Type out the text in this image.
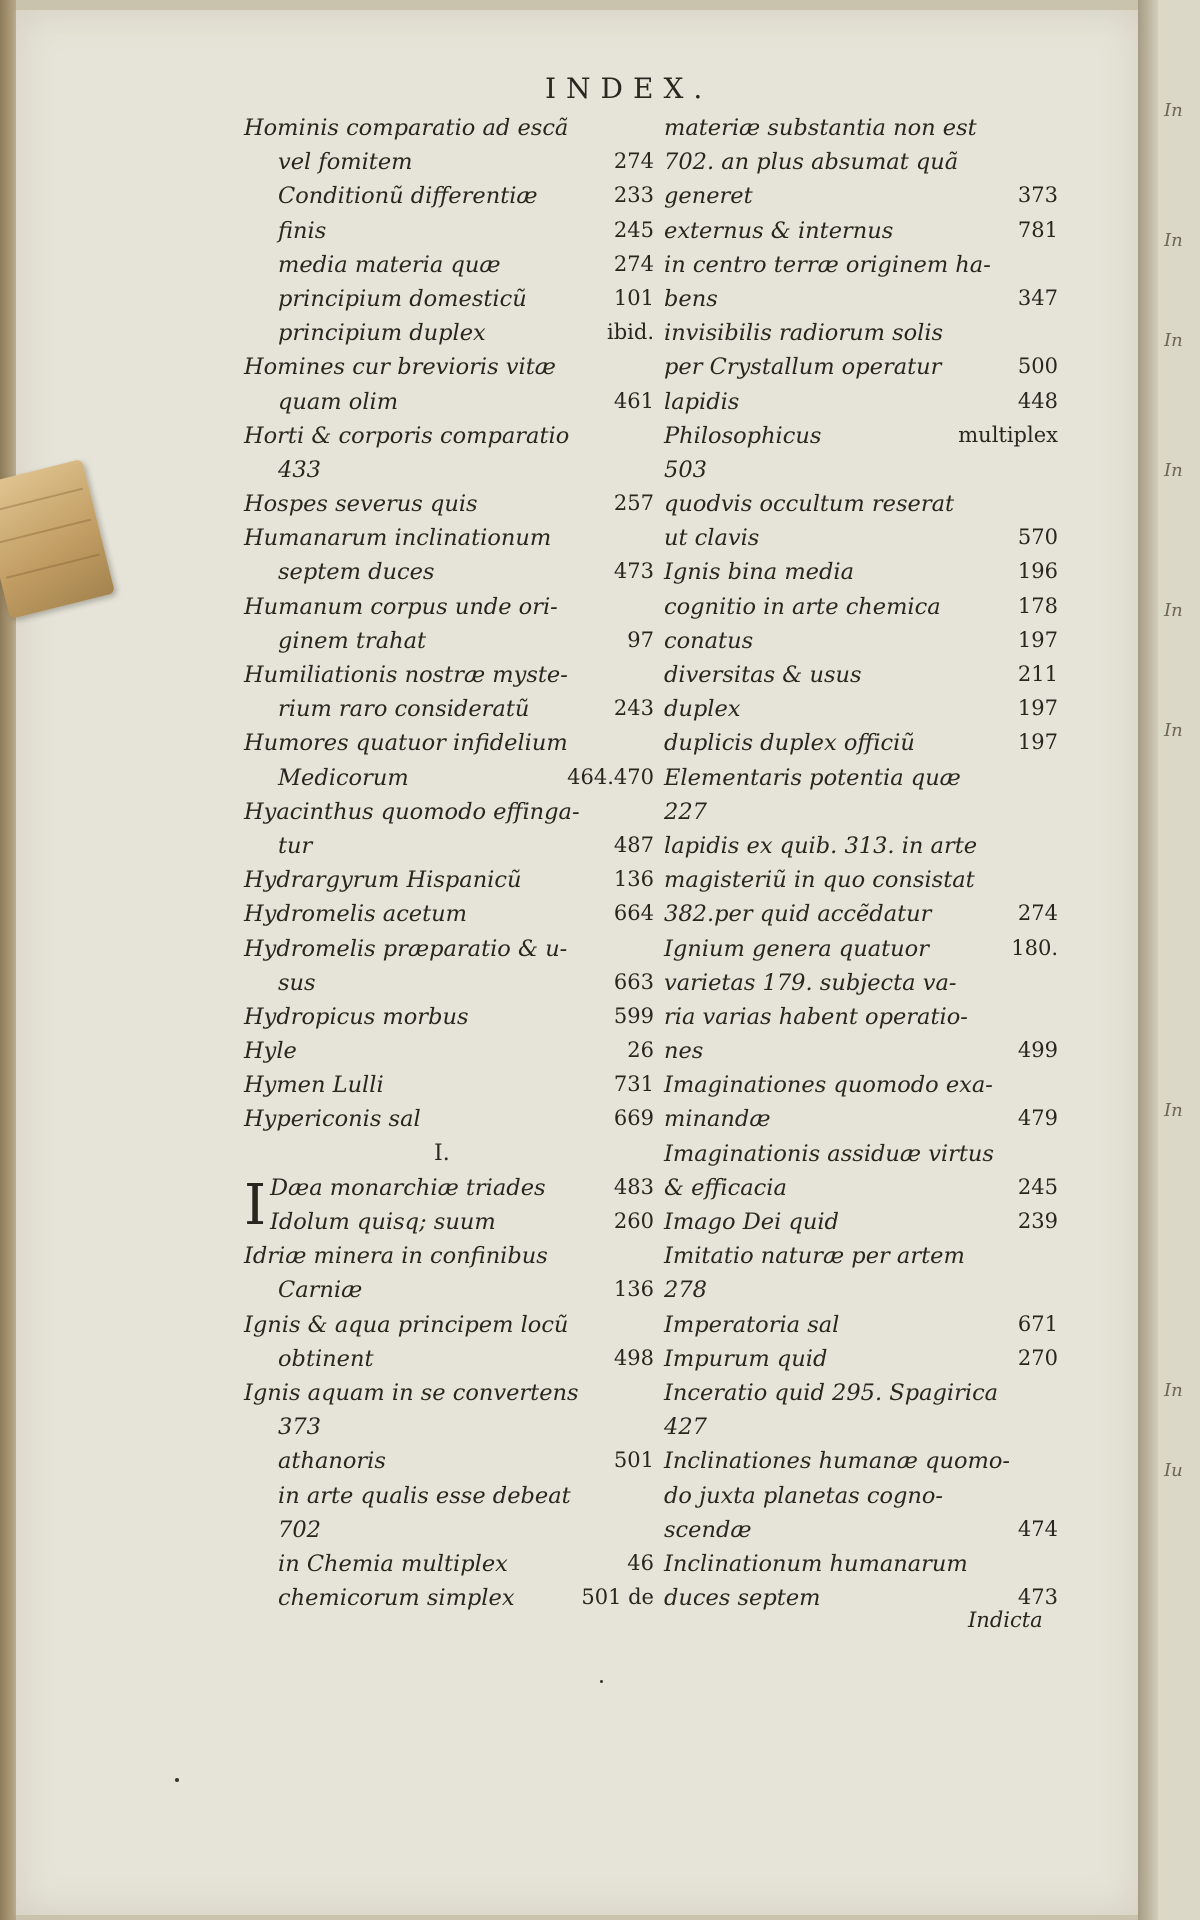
In
In
In
In
In
In
In
In
Iu
INDEX.
Hominis comparatio ad escã
vel fomitem	274
Conditionũ differentiæ	233
finis	245
media materia quæ	274
principium domesticũ	101
principium duplex	ibid.
Homines cur brevioris vitæ
quam olim	461
Horti & corporis comparatio
433
Hospes severus quis	257
Humanarum inclinationum
septem duces	473
Humanum corpus unde ori-
ginem trahat	97
Humiliationis nostræ myste-
rium raro consideratũ	243
Humores quatuor infidelium
Medicorum	464.470
Hyacinthus quomodo effinga-
tur	487
Hydrargyrum Hispanicũ	136
Hydromelis acetum	664
Hydromelis præparatio & u-
sus	663
Hydropicus morbus	599
Hyle	26
Hymen Lulli	731
Hypericonis sal	669
I.
I Dæa monarchiæ triades	483
Idolum quisq; suum	260
Idriæ minera in confinibus
Carniæ	136
Ignis & aqua principem locũ
obtinent	498
Ignis aquam in se convertens
373
athanoris	501
in arte qualis esse debeat
702
in Chemia multiplex	46
chemicorum simplex	501 de
materiæ substantia non est
702. an plus absumat quã
generet	373
externus & internus	781
in centro terræ originem ha-
bens	347
invisibilis radiorum solis
per Crystallum operatur	500
lapidis	448
Philosophicus	multiplex
503
quodvis occultum reserat
ut clavis	570
Ignis bina media	196
cognitio in arte chemica	178
conatus	197
diversitas & usus	211
duplex	197
duplicis duplex officiũ	197
Elementaris potentia quæ
227
lapidis ex quib. 313. in arte
magisteriũ in quo consistat
382.per quid accẽdatur	274
Ignium genera quatuor	180.
varietas 179. subjecta va-
ria varias habent operatio-
nes	499
Imaginationes quomodo exa-
minandæ	479
Imaginationis assiduæ virtus
& efficacia	245
Imago Dei quid	239
Imitatio naturæ per artem
278
Imperatoria sal	671
Impurum quid	270
Inceratio quid 295. Spagirica
427
Inclinationes humanæ quomo-
do juxta planetas cogno-
scendæ	474
Inclinationum humanarum
duces septem	473
Indicta
